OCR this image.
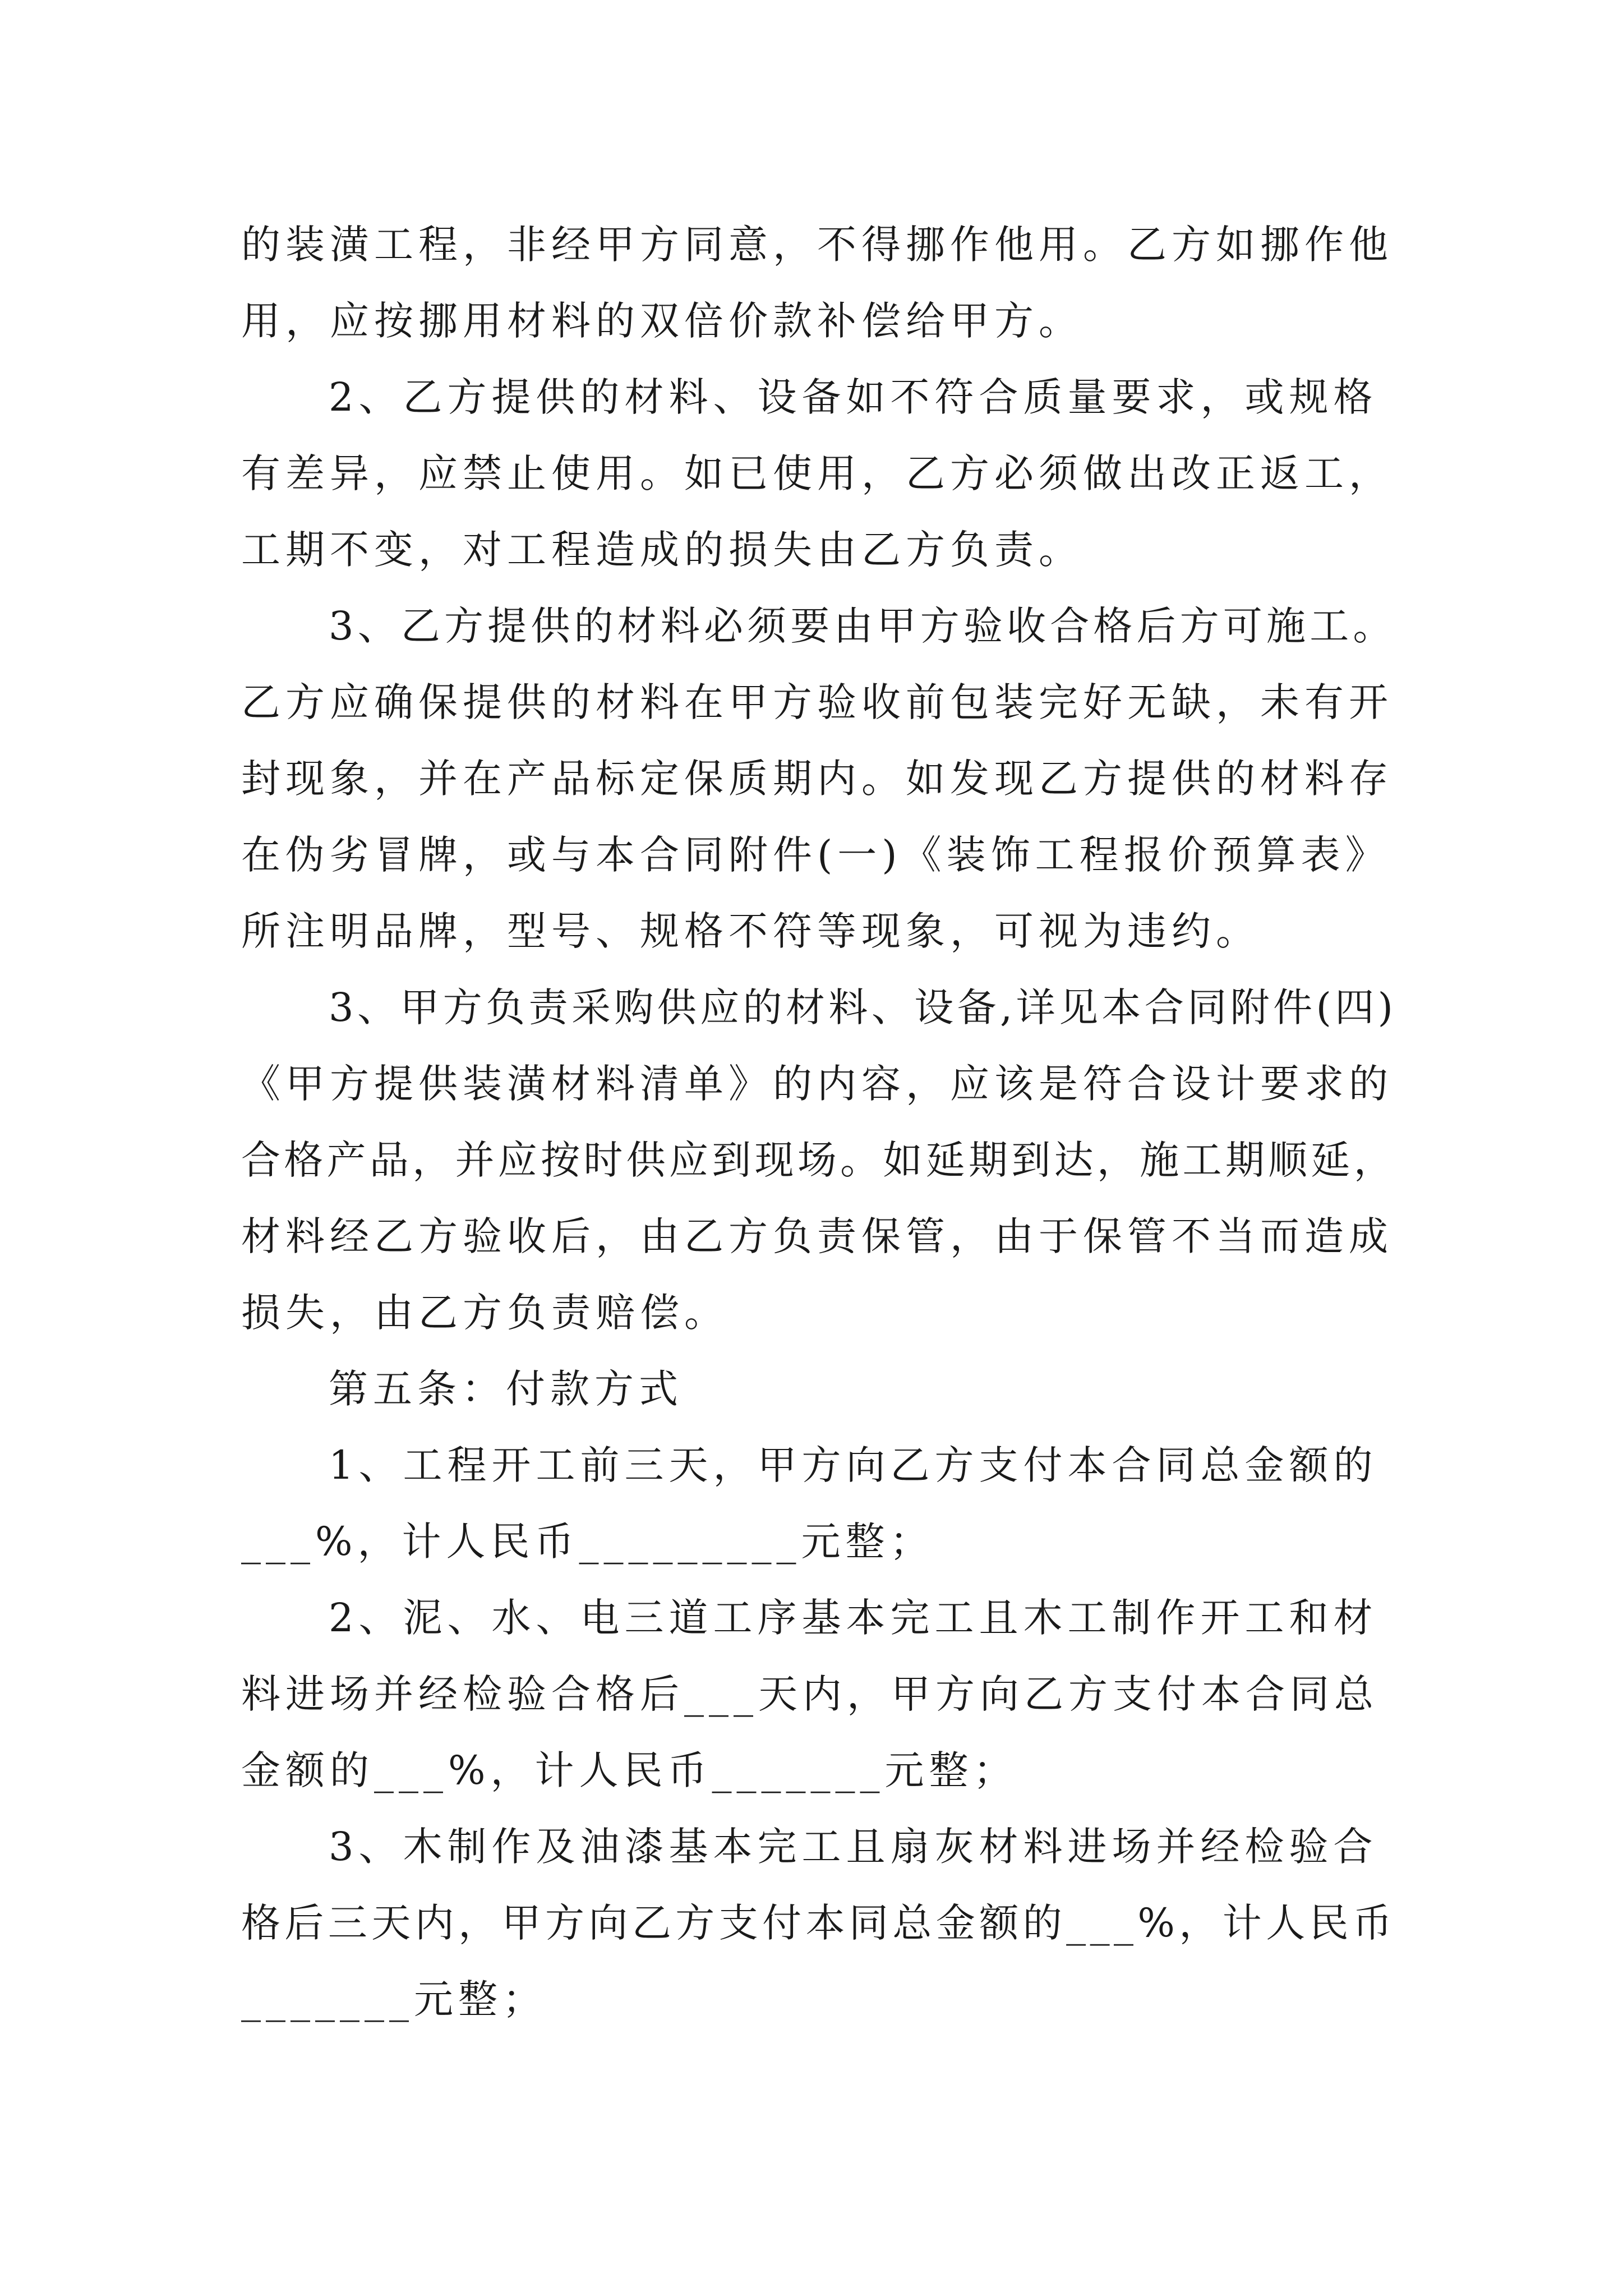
的装潢工程，非经甲方同意，不得挪作他用。乙方如挪作他
用，应按挪用材料的双倍价款补偿给甲方。
2、乙方提供的材料、设备如不符合质量要求，或规格
有差异，应禁止使用。如已使用，乙方必须做出改正返工，
工期不变，对工程造成的损失由乙方负责。
3、乙方提供的材料必须要由甲方验收合格后方可施工。
乙方应确保提供的材料在甲方验收前包装完好无缺，未有开
封现象，并在产品标定保质期内。如发现乙方提供的材料存
在伪劣冒牌，或与本合同附件(一)《装饰工程报价预算表》
所注明品牌，型号、规格不符等现象，可视为违约。
3、甲方负责采购供应的材料、设备,详见本合同附件(四)
《甲方提供装潢材料清单》的内容，应该是符合设计要求的
合格产品，并应按时供应到现场。如延期到达，施工期顺延，
材料经乙方验收后，由乙方负责保管，由于保管不当而造成
损失，由乙方负责赔偿。
第五条：付款方式
1、工程开工前三天，甲方向乙方支付本合同总金额的
___%，计人民币_________元整；
2、泥、水、电三道工序基本完工且木工制作开工和材
料进场并经检验合格后___天内，甲方向乙方支付本合同总
金额的___%，计人民币_______元整；
3、木制作及油漆基本完工且扇灰材料进场并经检验合
格后三天内，甲方向乙方支付本同总金额的___%，计人民币
_______元整；
